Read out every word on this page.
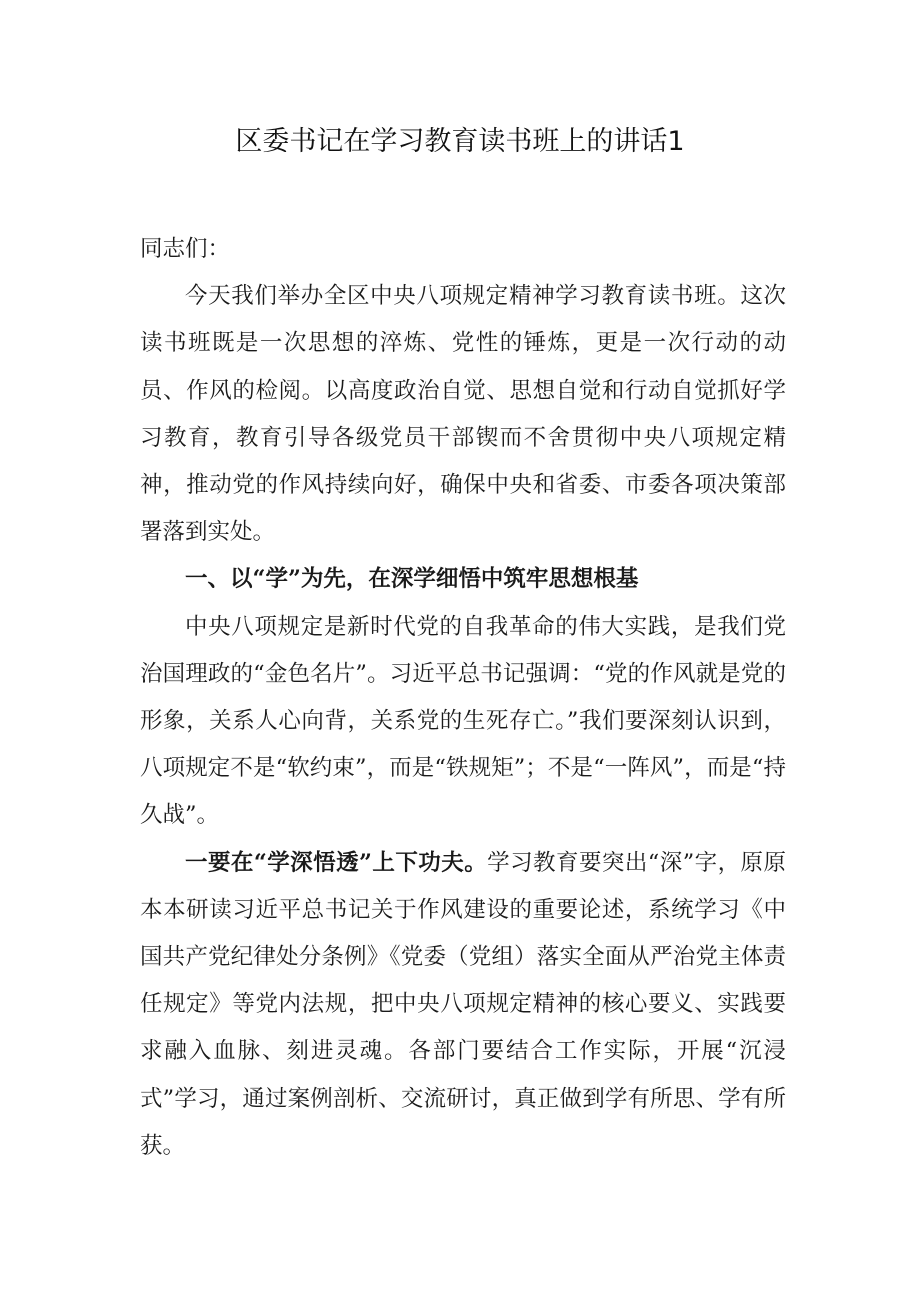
区委书记在学习教育读书班上的讲话1

同志们：

今天我们举办全区中央八项规定精神学习教育读书班。这次读书班既是一次思想的淬炼、党性的锤炼，更是一次行动的动员、作风的检阅。以高度政治自觉、思想自觉和行动自觉抓好学习教育，教育引导各级党员干部锲而不舍贯彻中央八项规定精神，推动党的作风持续向好，确保中央和省委、市委各项决策部署落到实处。

一、以“学”为先，在深学细悟中筑牢思想根基

中央八项规定是新时代党的自我革命的伟大实践，是我们党治国理政的“金色名片”。习近平总书记强调：“党的作风就是党的形象，关系人心向背，关系党的生死存亡。”我们要深刻认识到，八项规定不是“软约束”，而是“铁规矩”；不是“一阵风”，而是“持久战”。

一要在“学深悟透”上下功夫。学习教育要突出“深”字，原原本本研读习近平总书记关于作风建设的重要论述，系统学习《中国共产党纪律处分条例》《党委（党组）落实全面从严治党主体责任规定》等党内法规，把中央八项规定精神的核心要义、实践要求融入血脉、刻进灵魂。各部门要结合工作实际，开展“沉浸式”学习，通过案例剖析、交流研讨，真正做到学有所思、学有所获。
